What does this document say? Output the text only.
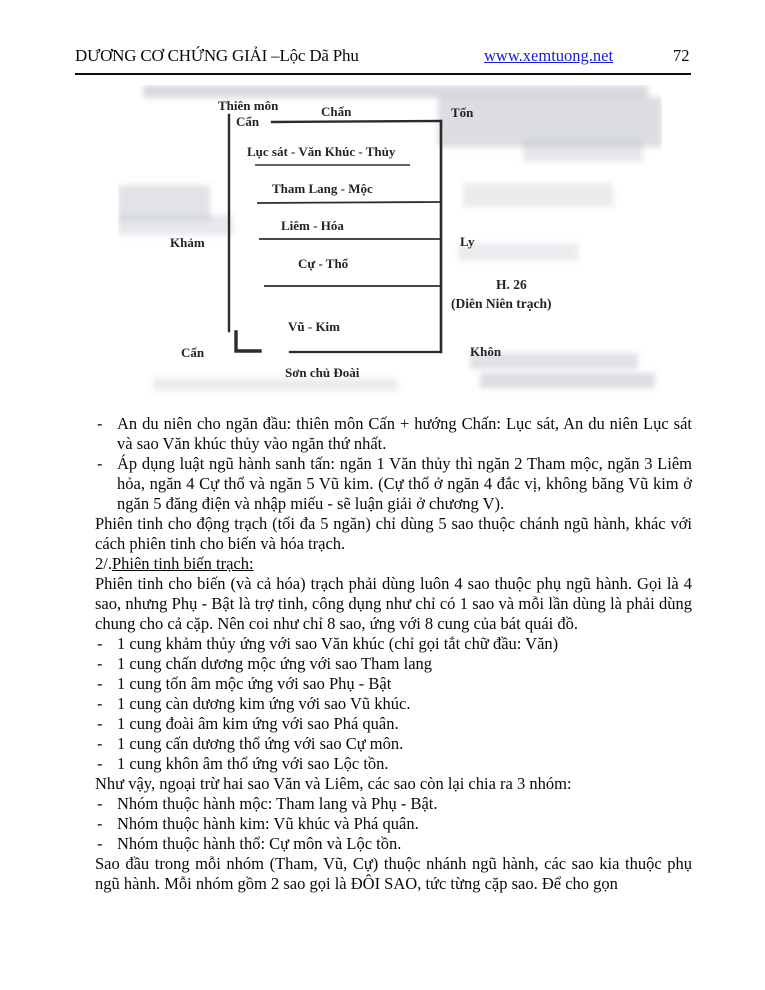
DƯƠNG CƠ CHỨNG GIẢI –Lộc Dã Phu	www.xemtuong.net	72
Thiên môn
Cấn
Chấn	Tốn
Khảm	Ly
Cấn	Khôn
Sơn chủ Đoài
Lục sát - Văn Khúc - Thủy
Tham Lang - Mộc
Liêm - Hóa
Cự - Thổ
Vũ - Kim
H. 26
(Diên Niên trạch)
- An du niên cho ngăn đầu: thiên môn Cấn + hướng Chấn: Lục sát, An du niên Lục sát và sao Văn khúc thủy vào ngăn thứ nhất.
- Áp dụng luật ngũ hành sanh tấn: ngăn 1 Văn thủy thì ngăn 2 Tham mộc, ngăn 3 Liêm hỏa, ngăn 4 Cự thổ và ngăn 5 Vũ kim. (Cự thổ ở ngăn 4 đắc vị, không băng Vũ kim ở ngăn 5 đăng điện và nhập miếu - sẽ luận giải ở chương V).

Phiên tinh cho động trạch (tối đa 5 ngăn) chỉ dùng 5 sao thuộc chánh ngũ hành, khác với cách phiên tinh cho biến và hóa trạch.

2/.Phiên tinh biến trạch:

Phiên tinh cho biến (và cả hóa) trạch phải dùng luôn 4 sao thuộc phụ ngũ hành. Gọi là 4 sao, nhưng Phụ - Bật là trợ tinh, công dụng như chỉ có 1 sao và mỗi lần dùng là phải dùng chung cho cả cặp. Nên coi như chỉ 8 sao, ứng với 8 cung của bát quái đồ.

- 1 cung khảm thủy ứng với sao Văn khúc (chỉ gọi tắt chữ đầu: Văn)
- 1 cung chấn dương mộc ứng với sao Tham lang
- 1 cung tốn âm mộc ứng với sao Phụ - Bật
- 1 cung càn dương kim ứng với sao Vũ khúc.
- 1 cung đoài âm kim ứng với sao Phá quân.
- 1 cung cấn dương thổ ứng với sao Cự môn.
- 1 cung khôn âm thổ ứng với sao Lộc tồn.

Như vậy, ngoại trừ hai sao Văn và Liêm, các sao còn lại chia ra 3 nhóm:

- Nhóm thuộc hành mộc: Tham lang và Phụ - Bật.
- Nhóm thuộc hành kim: Vũ khúc và Phá quân.
- Nhóm thuộc hành thổ: Cự môn và Lộc tồn.

Sao đầu trong mỗi nhóm (Tham, Vũ, Cự) thuộc nhánh ngũ hành, các sao kia thuộc phụ ngũ hành. Mỗi nhóm gồm 2 sao gọi là ĐÔI SAO, tức từng cặp sao. Để cho gọn
